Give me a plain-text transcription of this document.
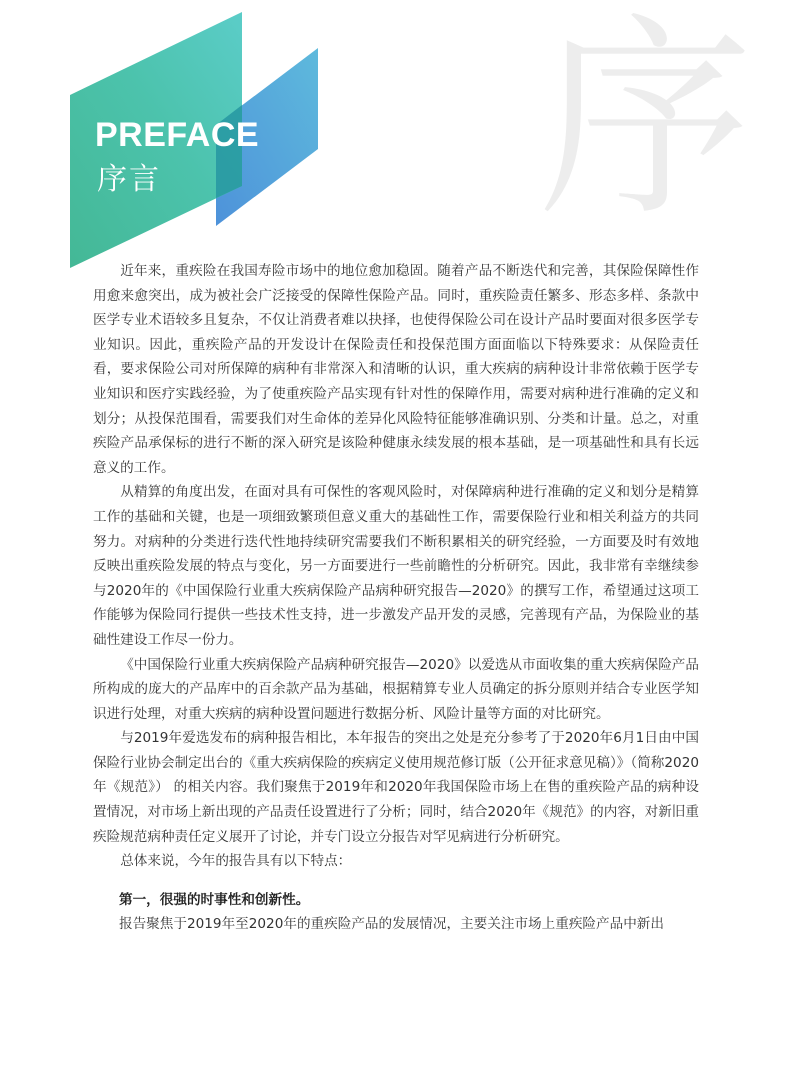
序
PREFACE
序言

近年来，重疾险在我国寿险市场中的地位愈加稳固。随着产品不断迭代和完善，其保险保障性作用愈来愈突出，成为被社会广泛接受的保障性保险产品。同时，重疾险责任繁多、形态多样、条款中医学专业术语较多且复杂，不仅让消费者难以抉择，也使得保险公司在设计产品时要面对很多医学专业知识。因此，重疾险产品的开发设计在保险责任和投保范围方面面临以下特殊要求：从保险责任看，要求保险公司对所保障的病种有非常深入和清晰的认识，重大疾病的病种设计非常依赖于医学专业知识和医疗实践经验，为了使重疾险产品实现有针对性的保障作用，需要对病种进行准确的定义和划分；从投保范围看，需要我们对生命体的差异化风险特征能够准确识别、分类和计量。总之，对重疾险产品承保标的进行不断的深入研究是该险种健康永续发展的根本基础，是一项基础性和具有长远意义的工作。

从精算的角度出发，在面对具有可保性的客观风险时，对保障病种进行准确的定义和划分是精算工作的基础和关键，也是一项细致繁琐但意义重大的基础性工作，需要保险行业和相关利益方的共同努力。对病种的分类进行迭代性地持续研究需要我们不断积累相关的研究经验，一方面要及时有效地反映出重疾险发展的特点与变化，另一方面要进行一些前瞻性的分析研究。因此，我非常有幸继续参与2020年的《中国保险行业重大疾病保险产品病种研究报告—2020》的撰写工作，希望通过这项工作能够为保险同行提供一些技术性支持，进一步激发产品开发的灵感，完善现有产品，为保险业的基础性建设工作尽一份力。

《中国保险行业重大疾病保险产品病种研究报告—2020》以爱选从市面收集的重大疾病保险产品所构成的庞大的产品库中的百余款产品为基础，根据精算专业人员确定的拆分原则并结合专业医学知识进行处理，对重大疾病的病种设置问题进行数据分析、风险计量等方面的对比研究。

与2019年爱选发布的病种报告相比，本年报告的突出之处是充分参考了于2020年6月1日由中国保险行业协会制定出台的《重大疾病保险的疾病定义使用规范修订版（公开征求意见稿）》（简称2020年《规范》） 的相关内容。我们聚焦于2019年和2020年我国保险市场上在售的重疾险产品的病种设置情况，对市场上新出现的产品责任设置进行了分析；同时，结合2020年《规范》的内容，对新旧重疾险规范病种责任定义展开了讨论，并专门设立分报告对罕见病进行分析研究。

总体来说，今年的报告具有以下特点：

第一，很强的时事性和创新性。

报告聚焦于2019年至2020年的重疾险产品的发展情况，主要关注市场上重疾险产品中新出
